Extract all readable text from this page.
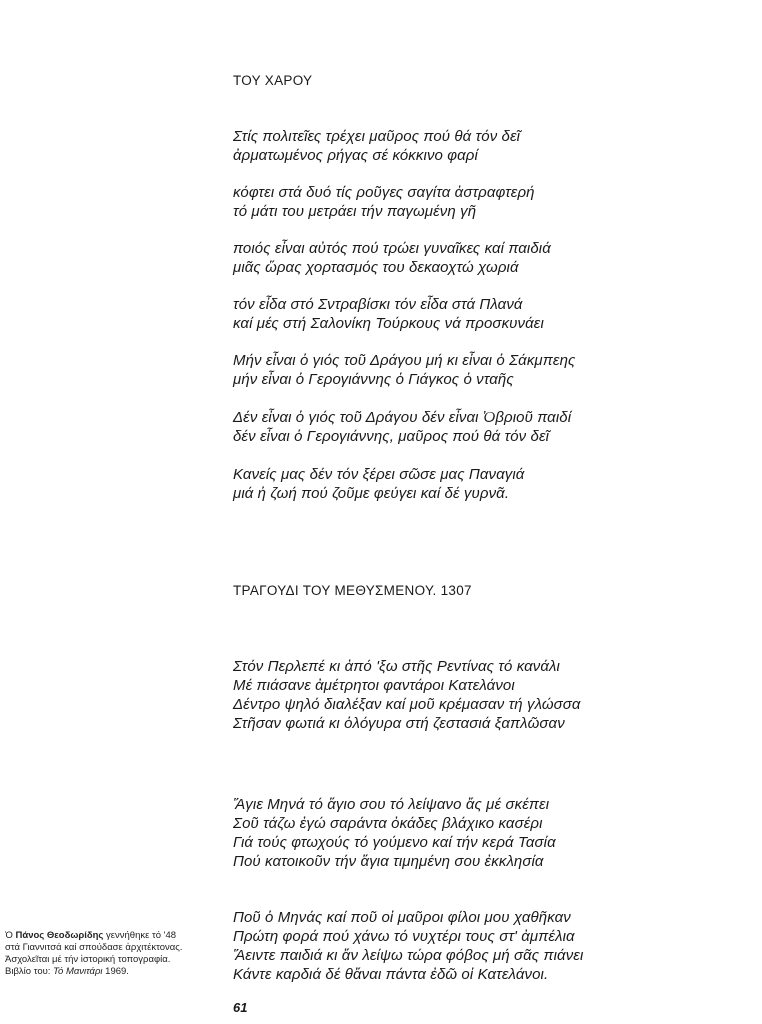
ΤΟΥ ΧΑΡΟΥ
Στίς πολιτεῖες τρέχει μαῦρος πού θά τόν δεῖ
ἀρματωμένος ρήγας σέ κόκκινο φαρί
κόφτει στά δυό τίς ροῦγες σαγίτα ἀστραφτερή
τό μάτι του μετράει τήν παγωμένη γῆ
ποιός εἶναι αὐτός πού τρώει γυναῖκες καί παιδιά
μιᾶς ὥρας χορτασμός του δεκαοχτώ χωριά
τόν εἶδα στό Σντραβίσκι τόν εἶδα στά Πλανά
καί μές στή Σαλονίκη Τούρκους νά προσκυνάει
Μήν εἶναι ὁ γιός τοῦ Δράγου μή κι εἶναι ὁ Σάκμπεης
μήν εἶναι ὁ Γερογιάννης ὁ Γιάγκος ὁ νταῆς
Δέν εἶναι ὁ γιός τοῦ Δράγου δέν εἶναι Ὀβριοῦ παιδί
δέν εἶναι ὁ Γερογιάννης, μαῦρος πού θά τόν δεῖ
Κανείς μας δέν τόν ξέρει σῶσε μας Παναγιά
μιά ἡ ζωή πού ζοῦμε φεύγει καί δέ γυρνᾶ.
ΤΡΑΓΟΥΔΙ ΤΟΥ ΜΕΘΥΣΜΕΝΟΥ. 1307
Στόν Περλεπέ κι ἀπό 'ξω στῆς Ρεντίνας τό κανάλι
Μέ πιάσανε ἀμέτρητοι φαντάροι Κατελάνοι
Δέντρο ψηλό διαλέξαν καί μοῦ κρέμασαν τή γλώσσα
Στῆσαν φωτιά κι ὁλόγυρα στή ζεστασιά ξαπλῶσαν
Ἅγιε Μηνά τό ἅγιο σου τό λείψανο ἄς μέ σκέπει
Σοῦ τάζω ἐγώ σαράντα ὀκάδες βλάχικο κασέρι
Γιά τούς φτωχούς τό γούμενο καί τήν κερά Τασία
Πού κατοικοῦν τήν ἅγια τιμημένη σου ἐκκλησία
Ποῦ ὁ Μηνάς καί ποῦ οἱ μαῦροι φίλοι μου χαθῆκαν
Πρώτη φορά πού χάνω τό νυχτέρι τους στ' ἀμπέλια
Ἅειντε παιδιά κι ἄν λείψω τώρα φόβος μή σᾶς πιάνει
Κάντε καρδιά δέ θἄναι πάντα ἐδῶ οἱ Κατελάνοι.
Ὁ Πάνος Θεοδωρίδης γεννήθηκε τό '48
στά Γιαννιτσά καί σπούδασε ἀρχιτέκτονας.
Ἀσχολεῖται μέ τήν ἱστορική τοπογραφία.
Βιβλίο του: Τό Μανιτάρι 1969.
61
